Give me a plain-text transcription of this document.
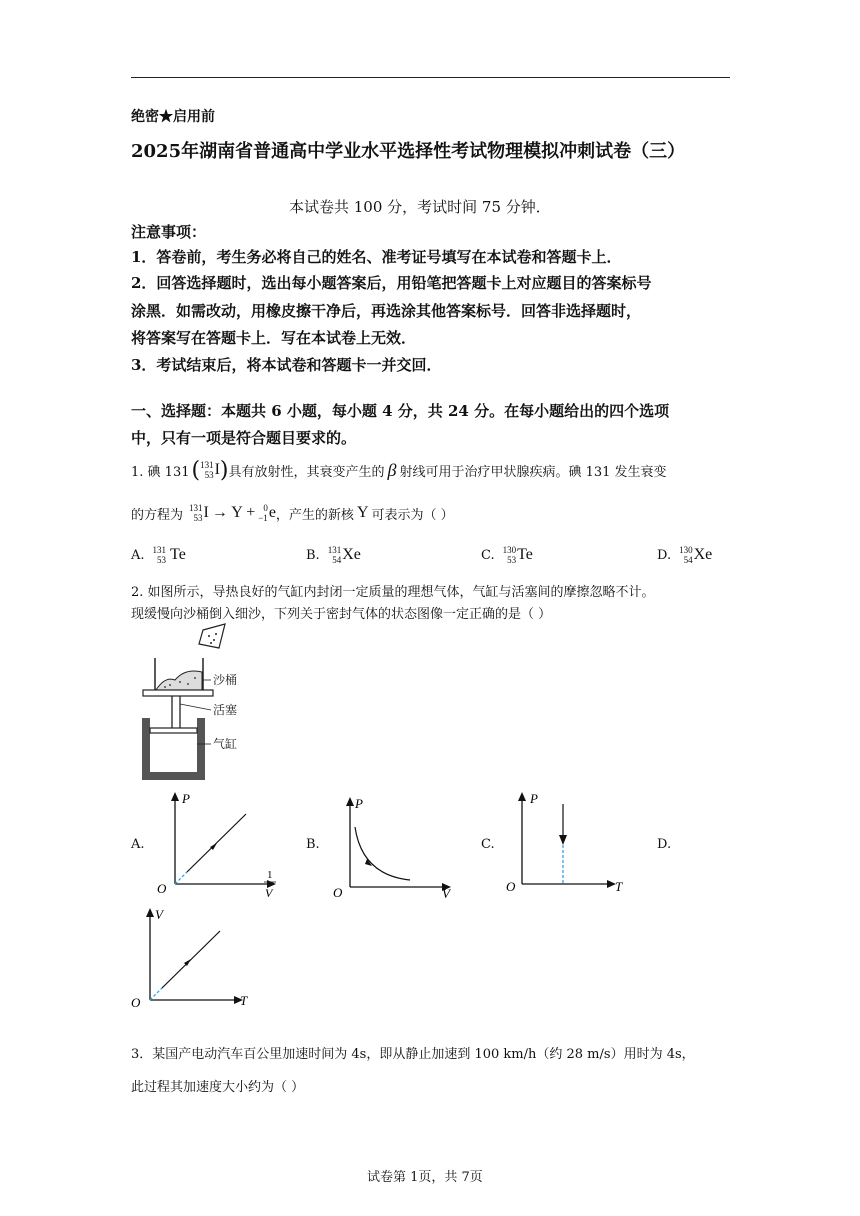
绝密★启用前
2025年湖南省普通高中学业水平选择性考试物理模拟冲刺试卷（三）
本试卷共 100 分，考试时间 75 分钟．
注意事项：
1．答卷前，考生务必将自己的姓名、准考证号填写在本试卷和答题卡上．
2．回答选择题时，选出每小题答案后，用铅笔把答题卡上对应题目的答案标号
涂黑．如需改动，用橡皮擦干净后，再选涂其他答案标号．回答非选择题时，
将答案写在答题卡上．写在本试卷上无效．
3．考试结束后，将本试卷和答题卡一并交回．
一、选择题：本题共 6 小题，每小题 4 分，共 24 分。在每小题给出的四个选项
中，只有一项是符合题目要求的。
1. 碘 131 ( 131
53 I ) 具有放射性，其衰变产生的 β 射线可用于治疗甲状腺疾病。碘 131 发生衰变
的方程为 131
53 I → Y + 0
−1 e ，产生的新核 Y 可表示为（ ）
A. 131
53 Te	B. 131
54 Xe	C. 130
53 Te	D. 130
54 Xe
2. 如图所示，导热良好的气缸内封闭一定质量的理想气体，气缸与活塞间的摩擦忽略不计。
现缓慢向沙桶倒入细沙，下列关于密封气体的状态图像一定正确的是（ ）
沙桶
活塞
气缸
A.	B.	C.	D.
P
O
1
V
P
O	V
P
O	T
V
O	T
3．某国产电动汽车百公里加速时间为 4s，即从静止加速到 100 km/h（约 28 m/s）用时为 4s，
此过程其加速度大小约为（ ）
试卷第 1页，共 7页
